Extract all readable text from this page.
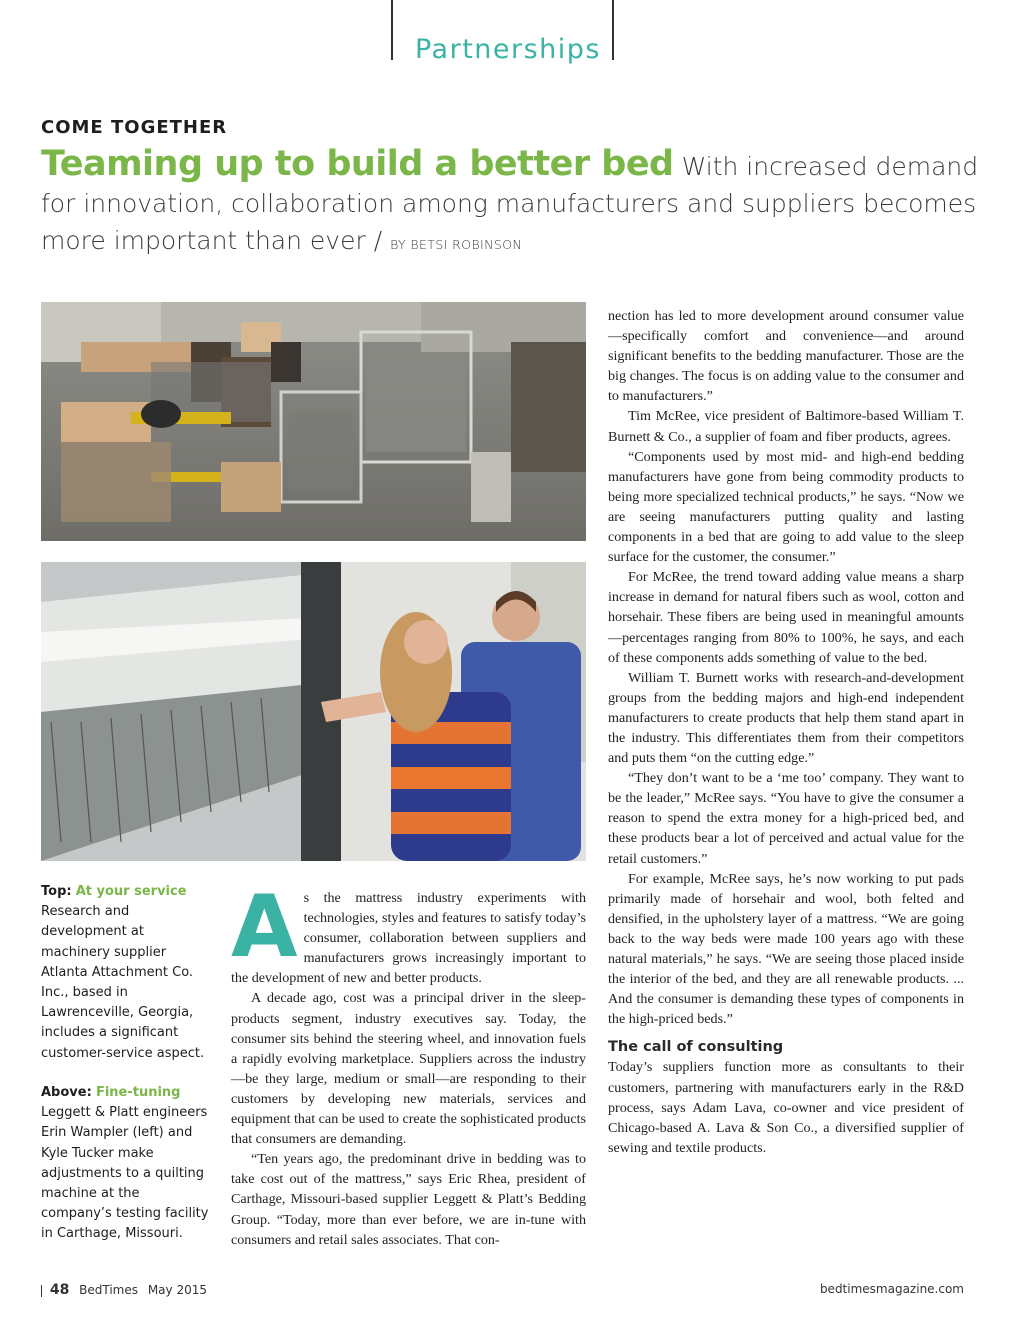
Partnerships
COME TOGETHER
Teaming up to build a better bed With increased demand for innovation, collaboration among manufacturers and suppliers becomes more important than ever / BY BETSI ROBINSON
Top: At your service Research and development at machinery supplier Atlanta Attachment Co. Inc., based in Lawrenceville, Georgia, includes a significant customer-service aspect.
Above: Fine-tuning Leggett & Platt engineers Erin Wampler (left) and Kyle Tucker make adjustments to a quilting machine at the company’s testing facility in Carthage, Missouri.

As the mattress industry experiments with technologies, styles and features to satisfy today’s consumer, collaboration between suppliers and manufacturers grows increasingly important to the development of new and better products.

A decade ago, cost was a principal driver in the sleep-products segment, industry executives say. Today, the consumer sits behind the steering wheel, and innovation fuels a rapidly evolving marketplace. Suppliers across the industry—be they large, medium or small—are responding to their customers by developing new materials, services and equipment that can be used to create the sophisticated products that consumers are demanding.

“Ten years ago, the predominant drive in bedding was to take cost out of the mattress,” says Eric Rhea, president of Carthage, Missouri-based supplier Leggett & Platt’s Bedding Group. “Today, more than ever before, we are in-tune with consumers and retail sales associates. That con-

nection has led to more development around consumer value—specifically comfort and convenience—and around significant benefits to the bedding manufacturer. Those are the big changes. The focus is on adding value to the consumer and to manufacturers.”

Tim McRee, vice president of Baltimore-based William T. Burnett & Co., a supplier of foam and fiber products, agrees.

“Components used by most mid- and high-end bedding manufacturers have gone from being commodity products to being more specialized technical products,” he says. “Now we are seeing manufacturers putting quality and lasting components in a bed that are going to add value to the sleep surface for the customer, the consumer.”

For McRee, the trend toward adding value means a sharp increase in demand for natural fibers such as wool, cotton and horsehair. These fibers are being used in meaningful amounts—percentages ranging from 80% to 100%, he says, and each of these components adds something of value to the bed.

William T. Burnett works with research-and-development groups from the bedding majors and high-end independent manufacturers to create products that help them stand apart in the industry. This differentiates them from their competitors and puts them “on the cutting edge.”

“They don’t want to be a ‘me too’ company. They want to be the leader,” McRee says. “You have to give the consumer a reason to spend the extra money for a high-priced bed, and these products bear a lot of perceived and actual value for the retail customers.”

For example, McRee says, he’s now working to put pads primarily made of horsehair and wool, both felted and densified, in the upholstery layer of a mattress. “We are going back to the way beds were made 100 years ago with these natural materials,” he says. “We are seeing those placed inside the interior of the bed, and they are all renewable products. ... And the consumer is demanding these types of components in the high-priced beds.”

The call of consulting

Today’s suppliers function more as consultants to their customers, partnering with manufacturers early in the R&D process, says Adam Lava, co-owner and vice president of Chicago-based A. Lava & Son Co., a diversified supplier of sewing and textile products.

48 BedTimes May 2015	bedtimesmagazine.com
